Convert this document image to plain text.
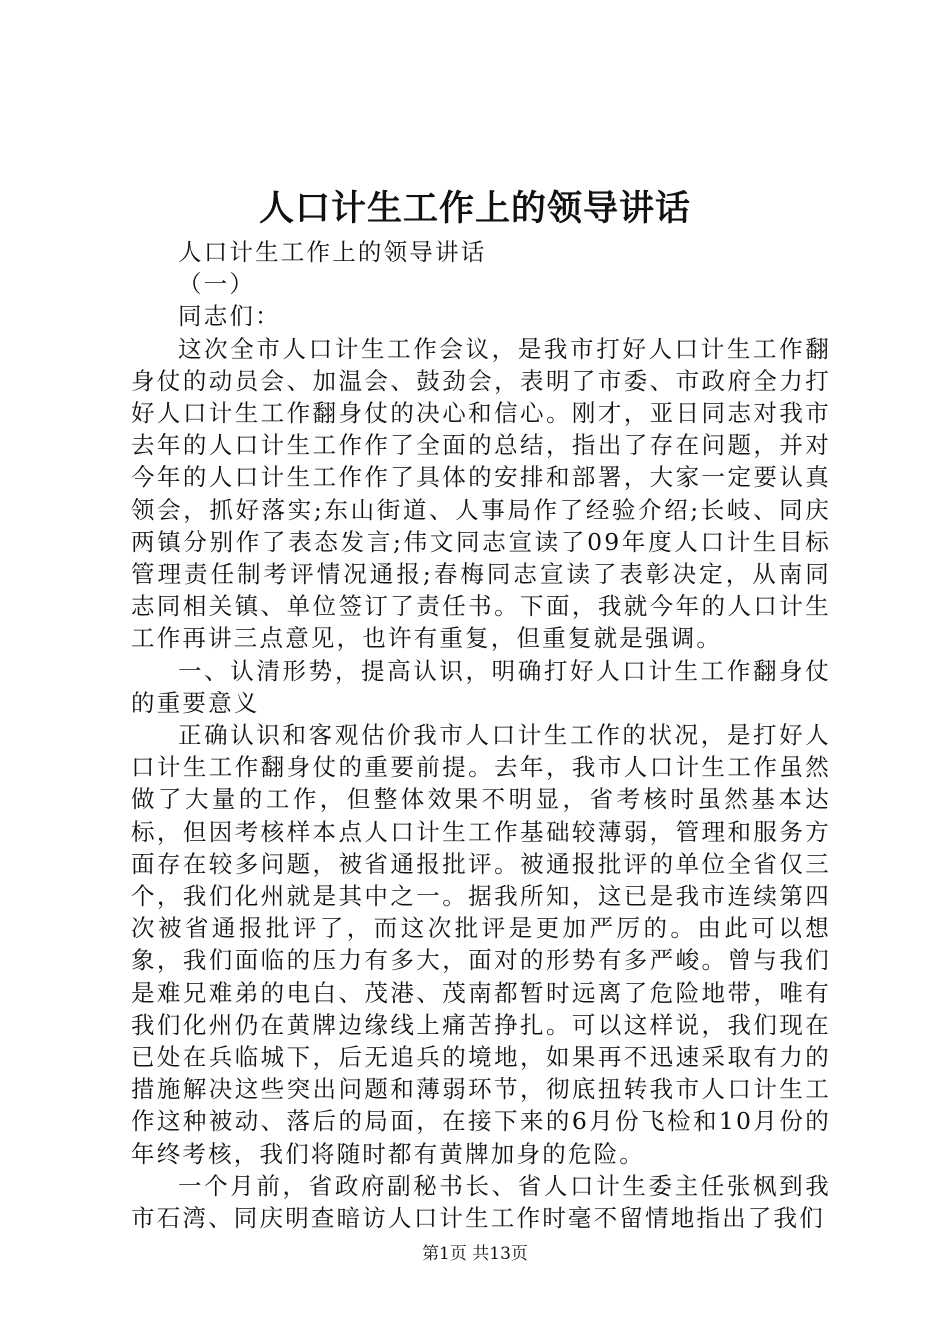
人口计生工作上的领导讲话

人口计生工作上的领导讲话

（一）

同志们：

这次全市人口计生工作会议，是我市打好人口计生工作翻身仗的动员会、加温会、鼓劲会，表明了市委、市政府全力打好人口计生工作翻身仗的决心和信心。刚才，亚日同志对我市去年的人口计生工作作了全面的总结，指出了存在问题，并对今年的人口计生工作作了具体的安排和部署，大家一定要认真领会，抓好落实;东山街道、人事局作了经验介绍;长岐、同庆两镇分别作了表态发言;伟文同志宣读了09年度人口计生目标管理责任制考评情况通报;春梅同志宣读了表彰决定，从南同志同相关镇、单位签订了责任书。下面，我就今年的人口计生工作再讲三点意见，也许有重复，但重复就是强调。

一、认清形势，提高认识，明确打好人口计生工作翻身仗的重要意义

正确认识和客观估价我市人口计生工作的状况，是打好人口计生工作翻身仗的重要前提。去年，我市人口计生工作虽然做了大量的工作，但整体效果不明显，省考核时虽然基本达标，但因考核样本点人口计生工作基础较薄弱，管理和服务方面存在较多问题，被省通报批评。被通报批评的单位全省仅三个，我们化州就是其中之一。据我所知，这已是我市连续第四次被省通报批评了，而这次批评是更加严厉的。由此可以想象，我们面临的压力有多大，面对的形势有多严峻。曾与我们是难兄难弟的电白、茂港、茂南都暂时远离了危险地带，唯有我们化州仍在黄牌边缘线上痛苦挣扎。可以这样说，我们现在已处在兵临城下，后无追兵的境地，如果再不迅速采取有力的措施解决这些突出问题和薄弱环节，彻底扭转我市人口计生工作这种被动、落后的局面，在接下来的6月份飞检和10月份的年终考核，我们将随时都有黄牌加身的危险。

一个月前，省政府副秘书长、省人口计生委主任张枫到我市石湾、同庆明查暗访人口计生工作时毫不留情地指出了我们

第1页 共13页
